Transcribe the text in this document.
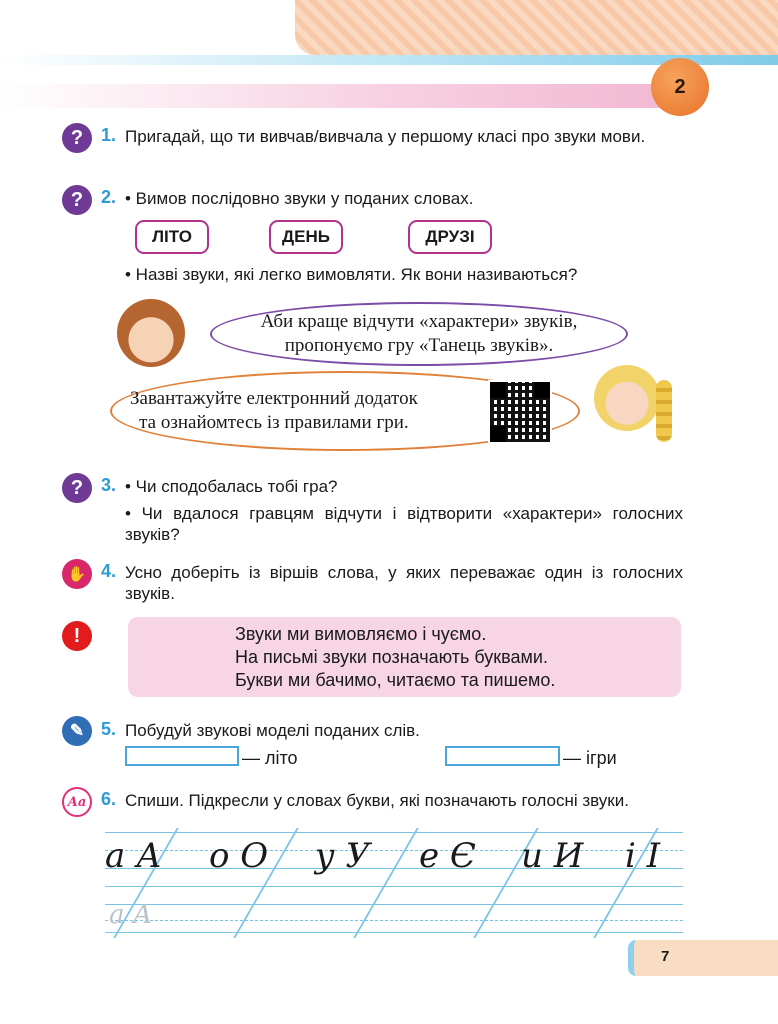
2
? 1. Пригадай, що ти вивчав/вивчала у першому класі про звуки мови.
? 2. • Вимов послідовно звуки у поданих словах.
ЛІТО	ДЕНЬ	ДРУЗІ
• Назві звуки, які легко вимовляти. Як вони називаються?
Аби краще відчути «характери» звуків,
пропонуємо гру «Танець звуків».
Завантажуйте електронний додаток
та ознайомтесь із правилами гри.
? 3. • Чи сподобалась тобі гра?
• Чи вдалося гравцям відчути і відтворити «характери» голосних звуків?
✋ 4. Усно доберіть із віршів слова, у яких переважає один із голосних звуків.
!	Звуки ми вимовляємо і чуємо.
На письмі звуки позначають буквами.
Букви ми бачимо, читаємо та пишемо.
✎ 5. Побудуй звукові моделі поданих слів.
— літо	— ігри
Aa 6. Спиши. Підкресли у словах букви, які позначають голосні звуки.
а А о О у У е Є и И і І
а А
7
